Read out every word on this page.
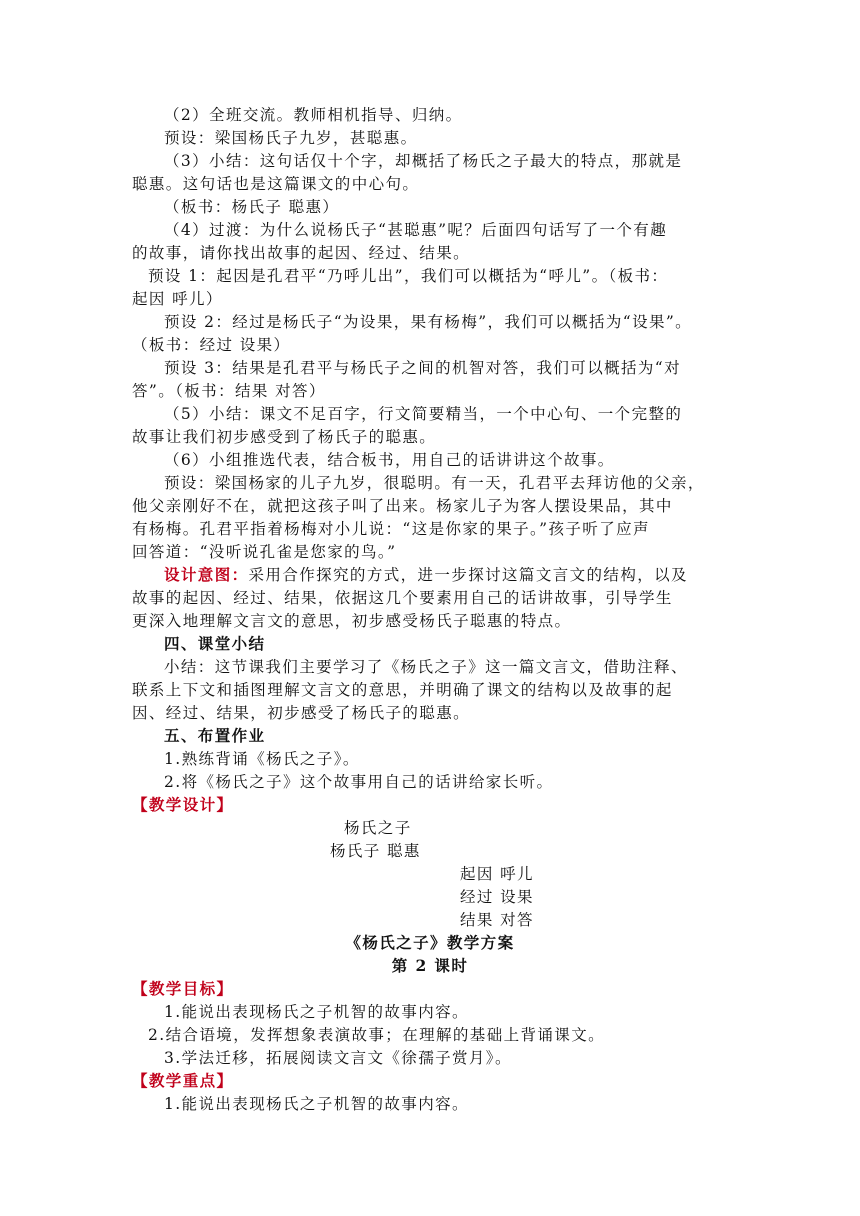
（2）全班交流。教师相机指导、归纳。
预设：梁国杨氏子九岁，甚聪惠。
（3）小结：这句话仅十个字，却概括了杨氏之子最大的特点，那就是
聪惠。这句话也是这篇课文的中心句。
（板书：杨氏子 聪惠）
（4）过渡：为什么说杨氏子“甚聪惠”呢？后面四句话写了一个有趣
的故事，请你找出故事的起因、经过、结果。
预设 1：起因是孔君平“乃呼儿出”，我们可以概括为“呼儿”。（板书：
起因 呼儿）
预设 2：经过是杨氏子“为设果，果有杨梅”，我们可以概括为“设果”。
（板书：经过 设果）
预设 3：结果是孔君平与杨氏子之间的机智对答，我们可以概括为“对
答”。（板书：结果 对答）
（5）小结：课文不足百字，行文简要精当，一个中心句、一个完整的
故事让我们初步感受到了杨氏子的聪惠。
（6）小组推选代表，结合板书，用自己的话讲讲这个故事。
预设：梁国杨家的儿子九岁，很聪明。有一天，孔君平去拜访他的父亲，
他父亲刚好不在，就把这孩子叫了出来。杨家儿子为客人摆设果品，其中
有杨梅。孔君平指着杨梅对小儿说：“这是你家的果子。”孩子听了应声
回答道：“没听说孔雀是您家的鸟。”
设计意图：采用合作探究的方式，进一步探讨这篇文言文的结构，以及
故事的起因、经过、结果，依据这几个要素用自己的话讲故事，引导学生
更深入地理解文言文的意思，初步感受杨氏子聪惠的特点。
四、课堂小结
小结：这节课我们主要学习了《杨氏之子》这一篇文言文，借助注释、
联系上下文和插图理解文言文的意思，并明确了课文的结构以及故事的起
因、经过、结果，初步感受了杨氏子的聪惠。
五、布置作业
1.熟练背诵《杨氏之子》。
2.将《杨氏之子》这个故事用自己的话讲给家长听。
【教学设计】
杨氏之子
杨氏子 聪惠
起因 呼儿
经过 设果
结果 对答
《杨氏之子》教学方案
第 2 课时
【教学目标】
1.能说出表现杨氏之子机智的故事内容。
2.结合语境，发挥想象表演故事；在理解的基础上背诵课文。
3.学法迁移，拓展阅读文言文《徐孺子赏月》。
【教学重点】
1.能说出表现杨氏之子机智的故事内容。
